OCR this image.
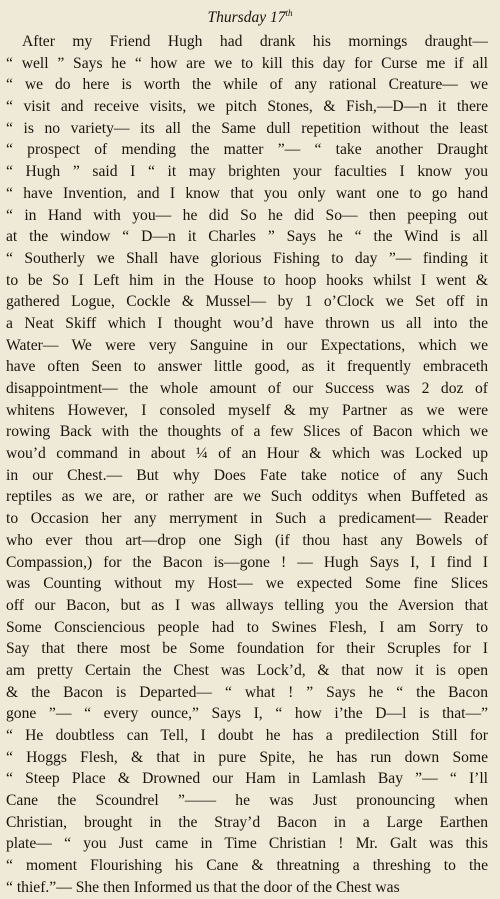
Thursday 17th
After my Friend Hugh had drank his mornings draught—
“ well ” Says he “ how are we to kill this day for Curse me if all
“ we do here is worth the while of any rational Creature— we
“ visit and receive visits, we pitch Stones, & Fish,—D—n it there
“ is no variety— its all the Same dull repetition without the least
“ prospect of mending the matter ”— “ take another Draught
“ Hugh ” said I “ it may brighten your faculties I know you
“ have Invention, and I know that you only want one to go hand
“ in Hand with you— he did So he did So— then peeping out
at the window “ D—n it Charles ” Says he “ the Wind is all
“ Southerly we Shall have glorious Fishing to day ”— finding it
to be So I Left him in the House to hoop hooks whilst I went &
gathered Logue, Cockle & Mussel— by 1 o’Clock we Set off in
a Neat Skiff which I thought wou’d have thrown us all into the
Water— We were very Sanguine in our Expectations, which we
have often Seen to answer little good, as it frequently embraceth
disappointment— the whole amount of our Success was 2 doz of
whitens However, I consoled myself & my Partner as we were
rowing Back with the thoughts of a few Slices of Bacon which we
wou’d command in about ¼ of an Hour & which was Locked up
in our Chest.— But why Does Fate take notice of any Such
reptiles as we are, or rather are we Such odditys when Buffeted as
to Occasion her any merryment in Such a predicament— Reader
who ever thou art—drop one Sigh (if thou hast any Bowels of
Compassion,) for the Bacon is—gone ! — Hugh Says I, I find I
was Counting without my Host— we expected Some fine Slices
off our Bacon, but as I was allways telling you the Aversion that
Some Consciencious people had to Swines Flesh, I am Sorry to
Say that there most be Some foundation for their Scruples for I
am pretty Certain the Chest was Lock’d, & that now it is open
& the Bacon is Departed— “ what ! ” Says he “ the Bacon
gone ”— “ every ounce,” Says I, “ how i’the D—l is that—”
“ He doubtless can Tell, I doubt he has a predilection Still for
“ Hoggs Flesh, & that in pure Spite, he has run down Some
“ Steep Place & Drowned our Ham in Lamlash Bay ”— “ I’ll
Cane the Scoundrel ”—— he was Just pronouncing when
Christian, brought in the Stray’d Bacon in a Large Earthen
plate— “ you Just came in Time Christian ! Mr. Galt was this
“ moment Flourishing his Cane & threatning a threshing to the
“ thief.”— She then Informed us that the door of the Chest was
